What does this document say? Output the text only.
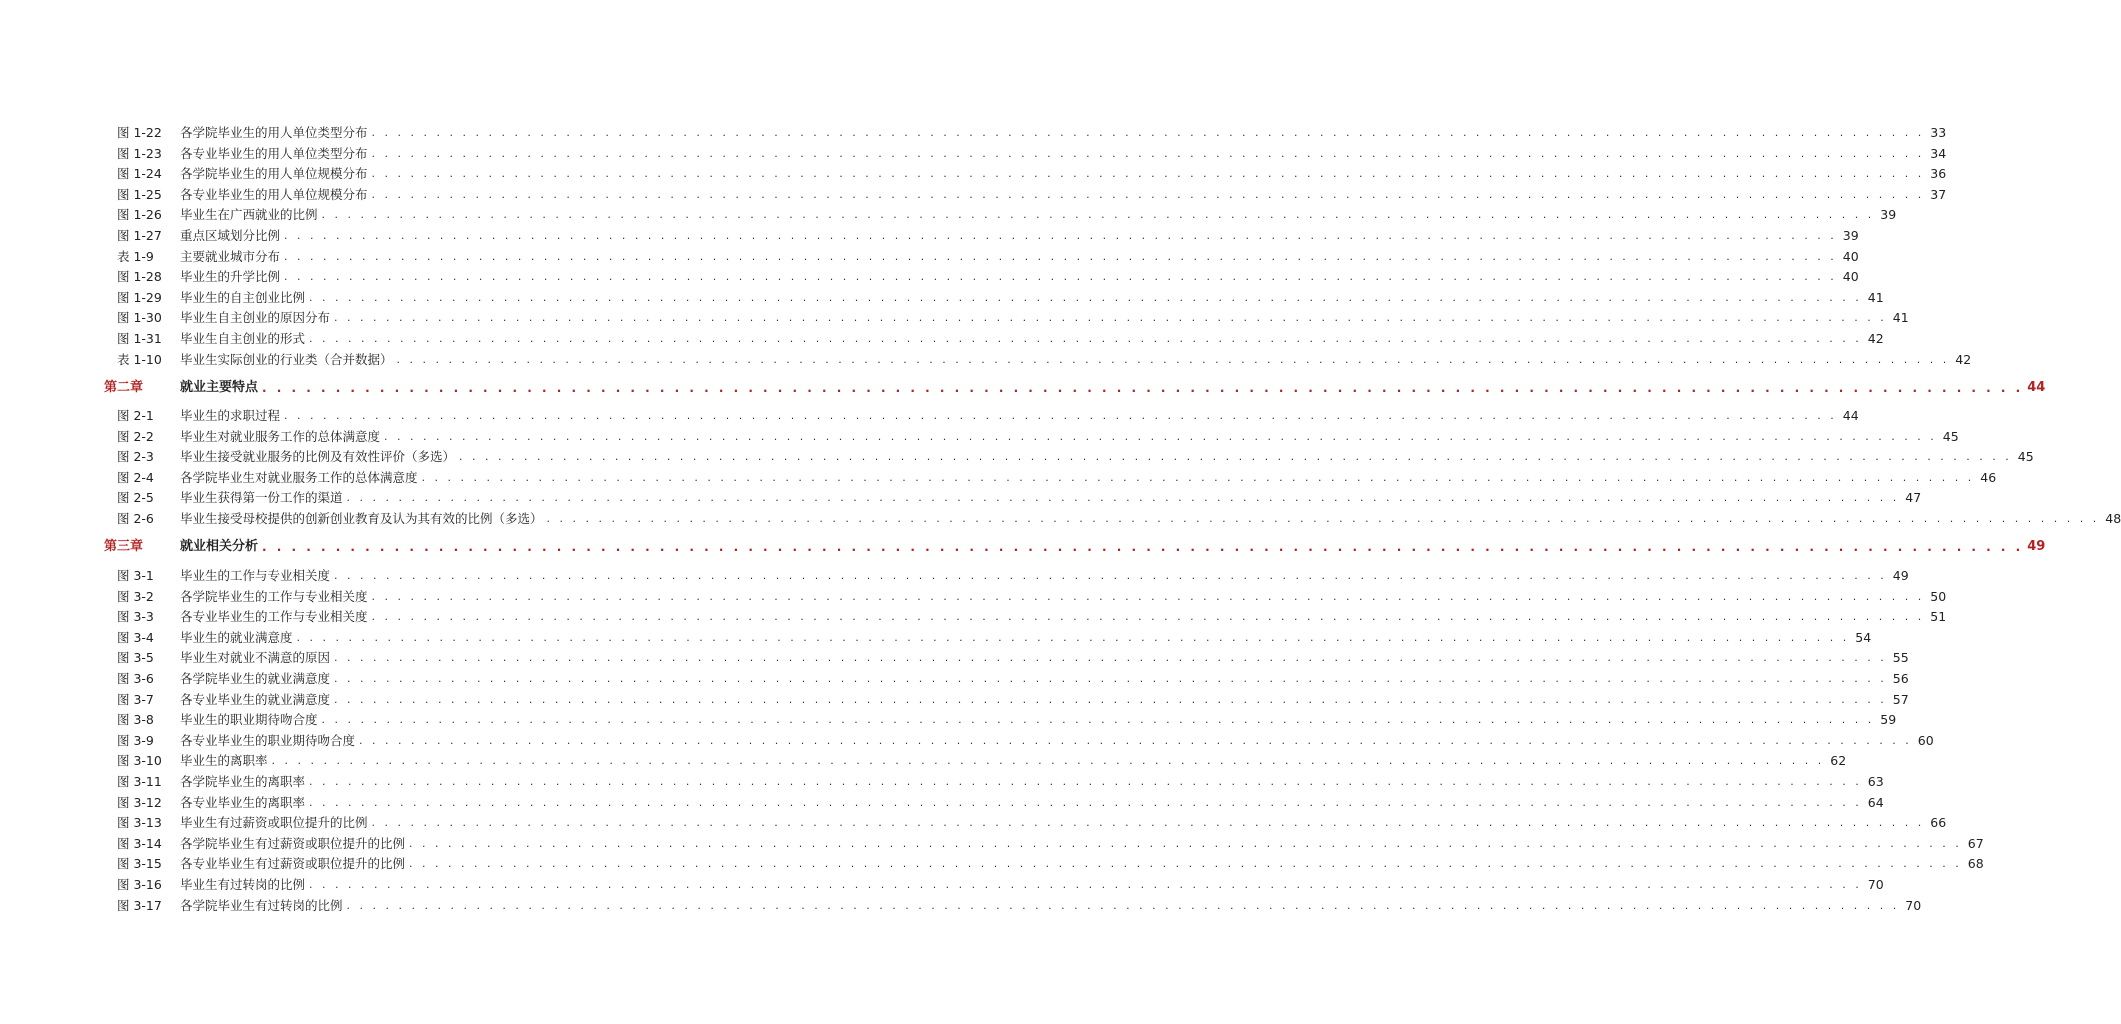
图 1-22	各学院毕业生的用人单位类型分布 . . . . . . . . . . . . . . . . . . . . . . . . . . . . . . . . . . . . . . . . . . . . . . . . . . . . . . . . . . . . . . . . . . . . . . . . . . . . . . . . . . . . . . . . . . . . . . . . . . . . . . . . . . . . . . . . . . . . . . . . 33
图 1-23	各专业毕业生的用人单位类型分布 . . . . . . . . . . . . . . . . . . . . . . . . . . . . . . . . . . . . . . . . . . . . . . . . . . . . . . . . . . . . . . . . . . . . . . . . . . . . . . . . . . . . . . . . . . . . . . . . . . . . . . . . . . . . . . . . . . . . . . . . 34
图 1-24	各学院毕业生的用人单位规模分布 . . . . . . . . . . . . . . . . . . . . . . . . . . . . . . . . . . . . . . . . . . . . . . . . . . . . . . . . . . . . . . . . . . . . . . . . . . . . . . . . . . . . . . . . . . . . . . . . . . . . . . . . . . . . . . . . . . . . . . . . 36
图 1-25	各专业毕业生的用人单位规模分布 . . . . . . . . . . . . . . . . . . . . . . . . . . . . . . . . . . . . . . . . . . . . . . . . . . . . . . . . . . . . . . . . . . . . . . . . . . . . . . . . . . . . . . . . . . . . . . . . . . . . . . . . . . . . . . . . . . . . . . . . 37
图 1-26	毕业生在广西就业的比例 . . . . . . . . . . . . . . . . . . . . . . . . . . . . . . . . . . . . . . . . . . . . . . . . . . . . . . . . . . . . . . . . . . . . . . . . . . . . . . . . . . . . . . . . . . . . . . . . . . . . . . . . . . . . . . . . . . . . . . . . 39
图 1-27	重点区域划分比例 . . . . . . . . . . . . . . . . . . . . . . . . . . . . . . . . . . . . . . . . . . . . . . . . . . . . . . . . . . . . . . . . . . . . . . . . . . . . . . . . . . . . . . . . . . . . . . . . . . . . . . . . . . . . . . . . . . . . . . . . 39
表 1-9	主要就业城市分布 . . . . . . . . . . . . . . . . . . . . . . . . . . . . . . . . . . . . . . . . . . . . . . . . . . . . . . . . . . . . . . . . . . . . . . . . . . . . . . . . . . . . . . . . . . . . . . . . . . . . . . . . . . . . . . . . . . . . . . . . 40
图 1-28	毕业生的升学比例 . . . . . . . . . . . . . . . . . . . . . . . . . . . . . . . . . . . . . . . . . . . . . . . . . . . . . . . . . . . . . . . . . . . . . . . . . . . . . . . . . . . . . . . . . . . . . . . . . . . . . . . . . . . . . . . . . . . . . . . . 40
图 1-29	毕业生的自主创业比例 . . . . . . . . . . . . . . . . . . . . . . . . . . . . . . . . . . . . . . . . . . . . . . . . . . . . . . . . . . . . . . . . . . . . . . . . . . . . . . . . . . . . . . . . . . . . . . . . . . . . . . . . . . . . . . . . . . . . . . . . 41
图 1-30	毕业生自主创业的原因分布 . . . . . . . . . . . . . . . . . . . . . . . . . . . . . . . . . . . . . . . . . . . . . . . . . . . . . . . . . . . . . . . . . . . . . . . . . . . . . . . . . . . . . . . . . . . . . . . . . . . . . . . . . . . . . . . . . . . . . . . . 41
图 1-31	毕业生自主创业的形式 . . . . . . . . . . . . . . . . . . . . . . . . . . . . . . . . . . . . . . . . . . . . . . . . . . . . . . . . . . . . . . . . . . . . . . . . . . . . . . . . . . . . . . . . . . . . . . . . . . . . . . . . . . . . . . . . . . . . . . . . 42
表 1-10	毕业生实际创业的行业类（合并数据） . . . . . . . . . . . . . . . . . . . . . . . . . . . . . . . . . . . . . . . . . . . . . . . . . . . . . . . . . . . . . . . . . . . . . . . . . . . . . . . . . . . . . . . . . . . . . . . . . . . . . . . . . . . . . . . . . . . . . . . . 42
第二章	就业主要特点 . . . . . . . . . . . . . . . . . . . . . . . . . . . . . . . . . . . . . . . . . . . . . . . . . . . . . . . . . . . . . . . . . . . . . . . . . . . . . . . . . . . . . . . . . . . . . . . . . . . . . . . . . . . . . . . . . . . . . . . . 44
图 2-1	毕业生的求职过程 . . . . . . . . . . . . . . . . . . . . . . . . . . . . . . . . . . . . . . . . . . . . . . . . . . . . . . . . . . . . . . . . . . . . . . . . . . . . . . . . . . . . . . . . . . . . . . . . . . . . . . . . . . . . . . . . . . . . . . . . 44
图 2-2	毕业生对就业服务工作的总体满意度 . . . . . . . . . . . . . . . . . . . . . . . . . . . . . . . . . . . . . . . . . . . . . . . . . . . . . . . . . . . . . . . . . . . . . . . . . . . . . . . . . . . . . . . . . . . . . . . . . . . . . . . . . . . . . . . . . . . . . . . . 45
图 2-3	毕业生接受就业服务的比例及有效性评价（多选） . . . . . . . . . . . . . . . . . . . . . . . . . . . . . . . . . . . . . . . . . . . . . . . . . . . . . . . . . . . . . . . . . . . . . . . . . . . . . . . . . . . . . . . . . . . . . . . . . . . . . . . . . . . . . . . . . . . . . . . . 45
图 2-4	各学院毕业生对就业服务工作的总体满意度 . . . . . . . . . . . . . . . . . . . . . . . . . . . . . . . . . . . . . . . . . . . . . . . . . . . . . . . . . . . . . . . . . . . . . . . . . . . . . . . . . . . . . . . . . . . . . . . . . . . . . . . . . . . . . . . . . . . . . . . . 46
图 2-5	毕业生获得第一份工作的渠道 . . . . . . . . . . . . . . . . . . . . . . . . . . . . . . . . . . . . . . . . . . . . . . . . . . . . . . . . . . . . . . . . . . . . . . . . . . . . . . . . . . . . . . . . . . . . . . . . . . . . . . . . . . . . . . . . . . . . . . . . 47
图 2-6	毕业生接受母校提供的创新创业教育及认为其有效的比例（多选） . . . . . . . . . . . . . . . . . . . . . . . . . . . . . . . . . . . . . . . . . . . . . . . . . . . . . . . . . . . . . . . . . . . . . . . . . . . . . . . . . . . . . . . . . . . . . . . . . . . . . . . . . . . . . . . . . . . . . . . . 48
第三章	就业相关分析 . . . . . . . . . . . . . . . . . . . . . . . . . . . . . . . . . . . . . . . . . . . . . . . . . . . . . . . . . . . . . . . . . . . . . . . . . . . . . . . . . . . . . . . . . . . . . . . . . . . . . . . . . . . . . . . . . . . . . . . . 49
图 3-1	毕业生的工作与专业相关度 . . . . . . . . . . . . . . . . . . . . . . . . . . . . . . . . . . . . . . . . . . . . . . . . . . . . . . . . . . . . . . . . . . . . . . . . . . . . . . . . . . . . . . . . . . . . . . . . . . . . . . . . . . . . . . . . . . . . . . . . 49
图 3-2	各学院毕业生的工作与专业相关度 . . . . . . . . . . . . . . . . . . . . . . . . . . . . . . . . . . . . . . . . . . . . . . . . . . . . . . . . . . . . . . . . . . . . . . . . . . . . . . . . . . . . . . . . . . . . . . . . . . . . . . . . . . . . . . . . . . . . . . . . 50
图 3-3	各专业毕业生的工作与专业相关度 . . . . . . . . . . . . . . . . . . . . . . . . . . . . . . . . . . . . . . . . . . . . . . . . . . . . . . . . . . . . . . . . . . . . . . . . . . . . . . . . . . . . . . . . . . . . . . . . . . . . . . . . . . . . . . . . . . . . . . . . 51
图 3-4	毕业生的就业满意度 . . . . . . . . . . . . . . . . . . . . . . . . . . . . . . . . . . . . . . . . . . . . . . . . . . . . . . . . . . . . . . . . . . . . . . . . . . . . . . . . . . . . . . . . . . . . . . . . . . . . . . . . . . . . . . . . . . . . . . . . 54
图 3-5	毕业生对就业不满意的原因 . . . . . . . . . . . . . . . . . . . . . . . . . . . . . . . . . . . . . . . . . . . . . . . . . . . . . . . . . . . . . . . . . . . . . . . . . . . . . . . . . . . . . . . . . . . . . . . . . . . . . . . . . . . . . . . . . . . . . . . . 55
图 3-6	各学院毕业生的就业满意度 . . . . . . . . . . . . . . . . . . . . . . . . . . . . . . . . . . . . . . . . . . . . . . . . . . . . . . . . . . . . . . . . . . . . . . . . . . . . . . . . . . . . . . . . . . . . . . . . . . . . . . . . . . . . . . . . . . . . . . . . 56
图 3-7	各专业毕业生的就业满意度 . . . . . . . . . . . . . . . . . . . . . . . . . . . . . . . . . . . . . . . . . . . . . . . . . . . . . . . . . . . . . . . . . . . . . . . . . . . . . . . . . . . . . . . . . . . . . . . . . . . . . . . . . . . . . . . . . . . . . . . . 57
图 3-8	毕业生的职业期待吻合度 . . . . . . . . . . . . . . . . . . . . . . . . . . . . . . . . . . . . . . . . . . . . . . . . . . . . . . . . . . . . . . . . . . . . . . . . . . . . . . . . . . . . . . . . . . . . . . . . . . . . . . . . . . . . . . . . . . . . . . . . 59
图 3-9	各专业毕业生的职业期待吻合度 . . . . . . . . . . . . . . . . . . . . . . . . . . . . . . . . . . . . . . . . . . . . . . . . . . . . . . . . . . . . . . . . . . . . . . . . . . . . . . . . . . . . . . . . . . . . . . . . . . . . . . . . . . . . . . . . . . . . . . . . 60
图 3-10	毕业生的离职率 . . . . . . . . . . . . . . . . . . . . . . . . . . . . . . . . . . . . . . . . . . . . . . . . . . . . . . . . . . . . . . . . . . . . . . . . . . . . . . . . . . . . . . . . . . . . . . . . . . . . . . . . . . . . . . . . . . . . . . . . 62
图 3-11	各学院毕业生的离职率 . . . . . . . . . . . . . . . . . . . . . . . . . . . . . . . . . . . . . . . . . . . . . . . . . . . . . . . . . . . . . . . . . . . . . . . . . . . . . . . . . . . . . . . . . . . . . . . . . . . . . . . . . . . . . . . . . . . . . . . . 63
图 3-12	各专业毕业生的离职率 . . . . . . . . . . . . . . . . . . . . . . . . . . . . . . . . . . . . . . . . . . . . . . . . . . . . . . . . . . . . . . . . . . . . . . . . . . . . . . . . . . . . . . . . . . . . . . . . . . . . . . . . . . . . . . . . . . . . . . . . 64
图 3-13	毕业生有过薪资或职位提升的比例 . . . . . . . . . . . . . . . . . . . . . . . . . . . . . . . . . . . . . . . . . . . . . . . . . . . . . . . . . . . . . . . . . . . . . . . . . . . . . . . . . . . . . . . . . . . . . . . . . . . . . . . . . . . . . . . . . . . . . . . . 66
图 3-14	各学院毕业生有过薪资或职位提升的比例 . . . . . . . . . . . . . . . . . . . . . . . . . . . . . . . . . . . . . . . . . . . . . . . . . . . . . . . . . . . . . . . . . . . . . . . . . . . . . . . . . . . . . . . . . . . . . . . . . . . . . . . . . . . . . . . . . . . . . . . . 67
图 3-15	各专业毕业生有过薪资或职位提升的比例 . . . . . . . . . . . . . . . . . . . . . . . . . . . . . . . . . . . . . . . . . . . . . . . . . . . . . . . . . . . . . . . . . . . . . . . . . . . . . . . . . . . . . . . . . . . . . . . . . . . . . . . . . . . . . . . . . . . . . . . . 68
图 3-16	毕业生有过转岗的比例 . . . . . . . . . . . . . . . . . . . . . . . . . . . . . . . . . . . . . . . . . . . . . . . . . . . . . . . . . . . . . . . . . . . . . . . . . . . . . . . . . . . . . . . . . . . . . . . . . . . . . . . . . . . . . . . . . . . . . . . . 70
图 3-17	各学院毕业生有过转岗的比例 . . . . . . . . . . . . . . . . . . . . . . . . . . . . . . . . . . . . . . . . . . . . . . . . . . . . . . . . . . . . . . . . . . . . . . . . . . . . . . . . . . . . . . . . . . . . . . . . . . . . . . . . . . . . . . . . . . . . . . . . 70
